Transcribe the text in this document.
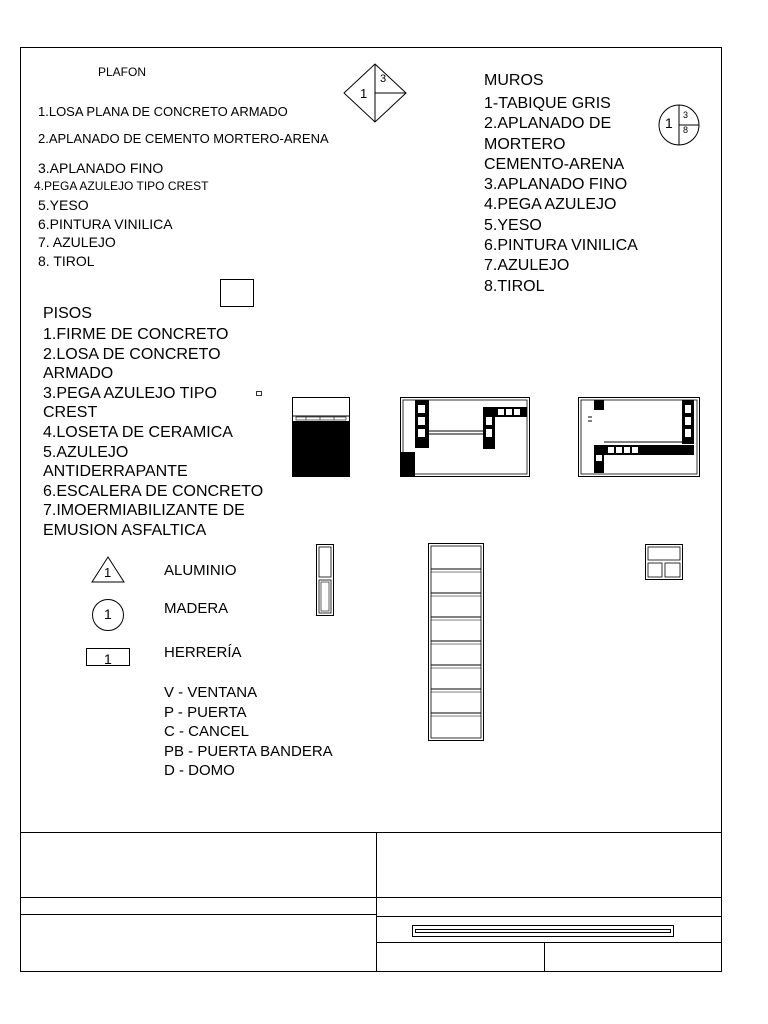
PLAFON
1.LOSA PLANA DE CONCRETO ARMADO
2.APLANADO DE CEMENTO MORTERO-ARENA
3.APLANADO FINO
4.PEGA AZULEJO TIPO CREST
5.YESO
6.PINTURA VINILICA
7. AZULEJO
8. TIROL
1
3	MUROS
1-TABIQUE GRIS
2.APLANADO DE
MORTERO
CEMENTO-ARENA
3.APLANADO FINO
4.PEGA AZULEJO
5.YESO
6.PINTURA VINILICA
7.AZULEJO
8.TIROL
1 3
8
PISOS
1.FIRME DE CONCRETO
2.LOSA DE CONCRETO
ARMADO
3.PEGA AZULEJO TIPO
CREST
4.LOSETA DE CERAMICA
5.AZULEJO
ANTIDERRAPANTE
6.ESCALERA DE CONCRETO
7.IMOERMIABILIZANTE DE
EMUSION ASFALTICA
1	ALUMINIO
1	MADERA
1	HERRERÍA
V - VENTANA
P - PUERTA
C - CANCEL
PB - PUERTA BANDERA
D - DOMO
